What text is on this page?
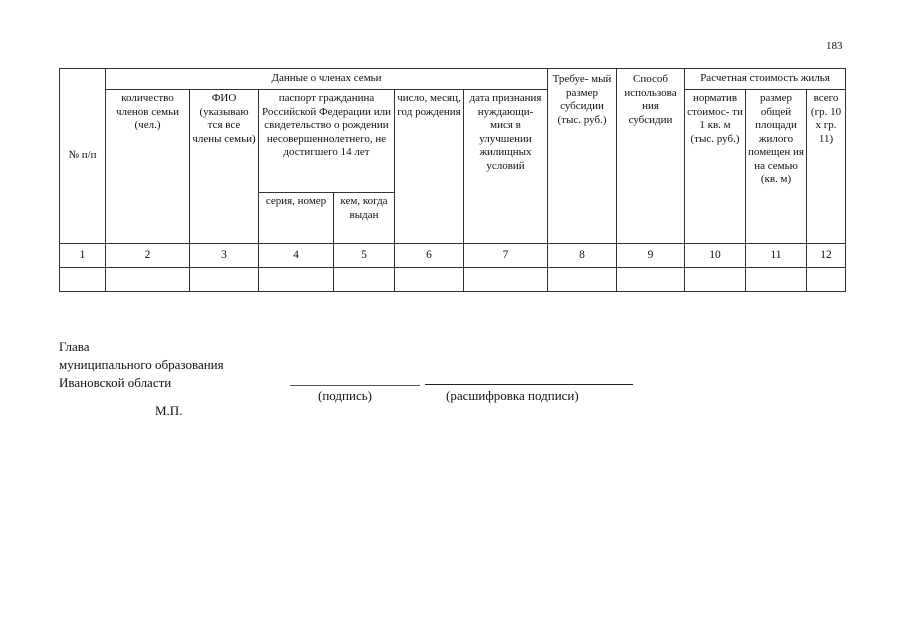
183
№ п/п	Данные о членах семьи						Требуе- мый размер субсидии (тыс. руб.)	Способ использова ния субсидии	Расчетная стоимость жилья		
	количество членов семьи (чел.)	ФИО (указываю тся все члены семьи)	паспорт гражданина Российской Федерации или свидетельство о рождении несовершеннолетнего, не достигшего 14 лет		число, месяц, год рождения	дата признания нуждающи- мися в улучшении жилищных условий			норматив стоимос- ти 1 кв. м (тыс. руб.)	размер общей площади жилого помещен ия на семью (кв. м)	всего (гр. 10 x гр. 11)
			серия, номер	кем, когда выдан							
1	2	3	4	5	6	7	8	9	10	11	12

Глава
муниципального образования
Ивановской области
(подпись)	(расшифровка подписи)
М.П.
